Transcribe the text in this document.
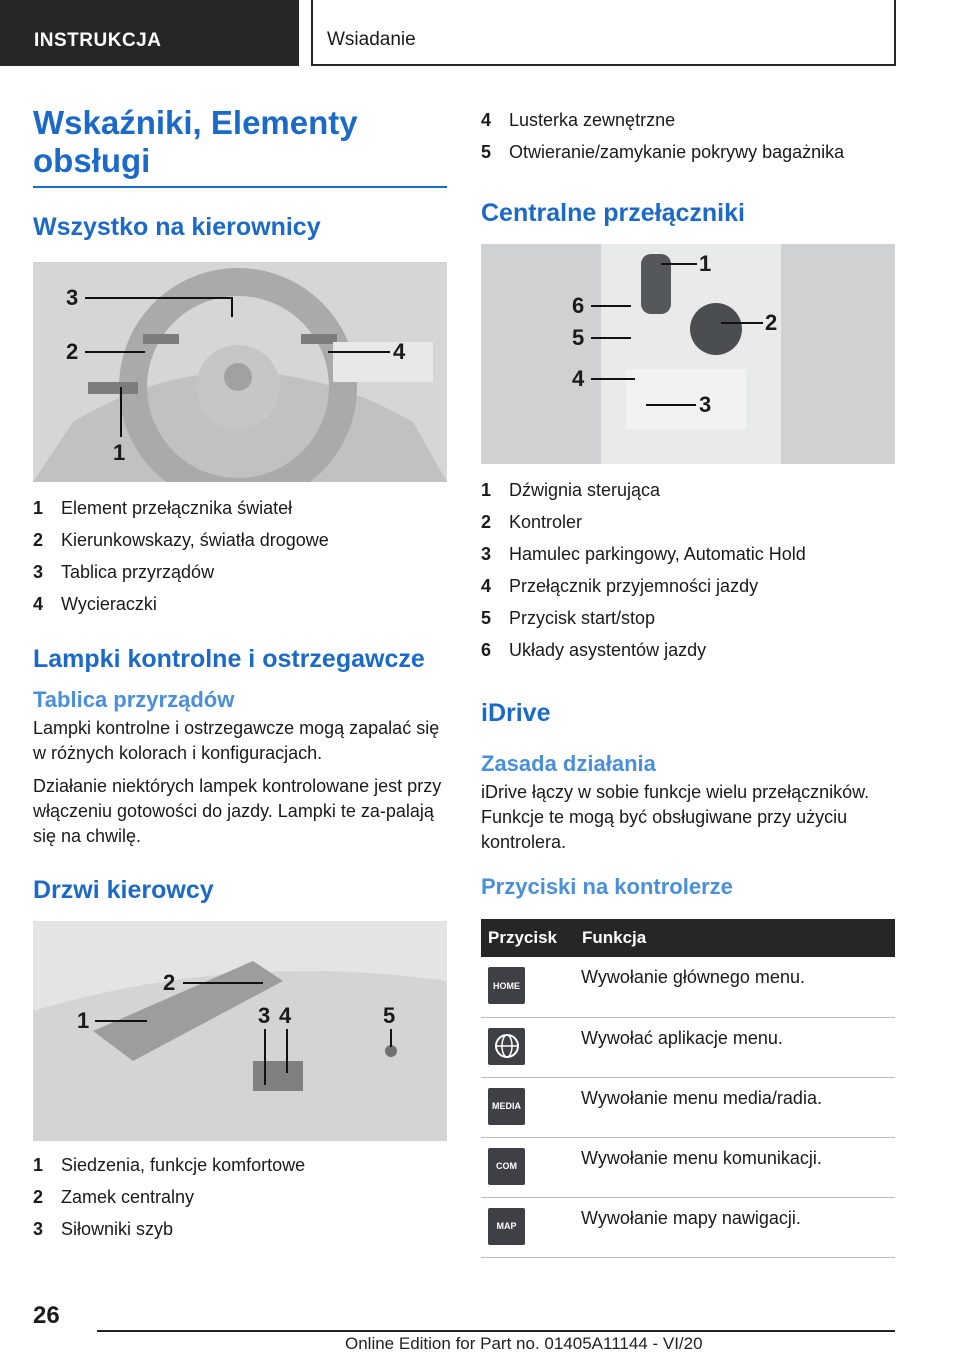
INSTRUKCJA	Wsiadanie
Wskaźniki, Elementy obsługi
Wszystko na kierownicy
3
2	4
1
1 Element przełącznika świateł
2 Kierunkowskazy, światła drogowe
3 Tablica przyrządów
4 Wycieraczki
Lampki kontrolne i ostrzegawcze
Tablica przyrządów

Lampki kontrolne i ostrzegawcze mogą zapalać się w różnych kolorach i konfiguracjach.

Działanie niektórych lampek kontrolowane jest przy włączeniu gotowości do jazdy. Lampki te za-palają się na chwilę.

Drzwi kierowcy
2
1	3 4	5
1 Siedzenia, funkcje komfortowe
2 Zamek centralny
3 Siłowniki szyb
4 Lusterka zewnętrzne
5 Otwieranie/zamykanie pokrywy bagażnika
Centralne przełączniki
1
6
2
5
4
3
1 Dźwignia sterująca
2 Kontroler
3 Hamulec parkingowy, Automatic Hold
4 Przełącznik przyjemności jazdy
5 Przycisk start/stop
6 Układy asystentów jazdy
iDrive
Zasada działania

iDrive łączy w sobie funkcje wielu przełączników. Funkcje te mogą być obsługiwane przy użyciu kontrolera.

Przyciski na kontrolerze
Przycisk	Funkcja

HOME	Wywołanie głównego menu.

	Wywołać aplikacje menu.

MEDIA	Wywołanie menu media/radia.

COM	Wywołanie menu komunikacji.

MAP	Wywołanie mapy nawigacji.
26
Online Edition for Part no. 01405A11144 - VI/20
